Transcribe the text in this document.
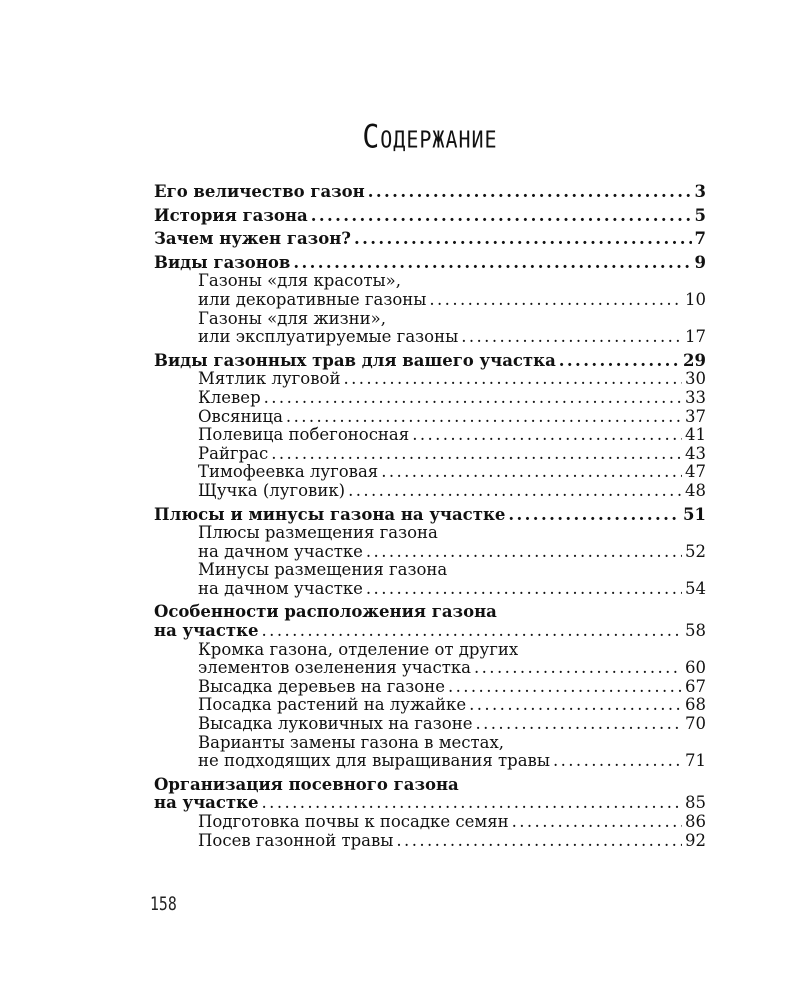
Содержание
Его величество газон .....	3
История газона .....	5
Зачем нужен газон? .....	7
Виды газонов .....	9
Газоны «для красоты»,
или декоративные газоны .....	10
Газоны «для жизни»,
или эксплуатируемые газоны .....	17
Виды газонных трав для вашего участка .....	29
Мятлик луговой .....	30
Клевер .....	33
Овсяница .....	37
Полевица побегоносная .....	41
Райграс .....	43
Тимофеевка луговая .....	47
Щучка (луговик) .....	48
Плюсы и минусы газона на участке .....	51
Плюсы размещения газона
на дачном участке .....	52
Минусы размещения газона
на дачном участке .....	54
Особенности расположения газона
на участке .....	58
Кромка газона, отделение от других
элементов озеленения участка .....	60
Высадка деревьев на газоне .....	67
Посадка растений на лужайке .....	68
Высадка луковичных на газоне .....	70
Варианты замены газона в местах,
не подходящих для выращивания травы .....	71
Организация посевного газона
на участке .....	85
Подготовка почвы к посадке семян .....	86
Посев газонной травы .....	92
158
